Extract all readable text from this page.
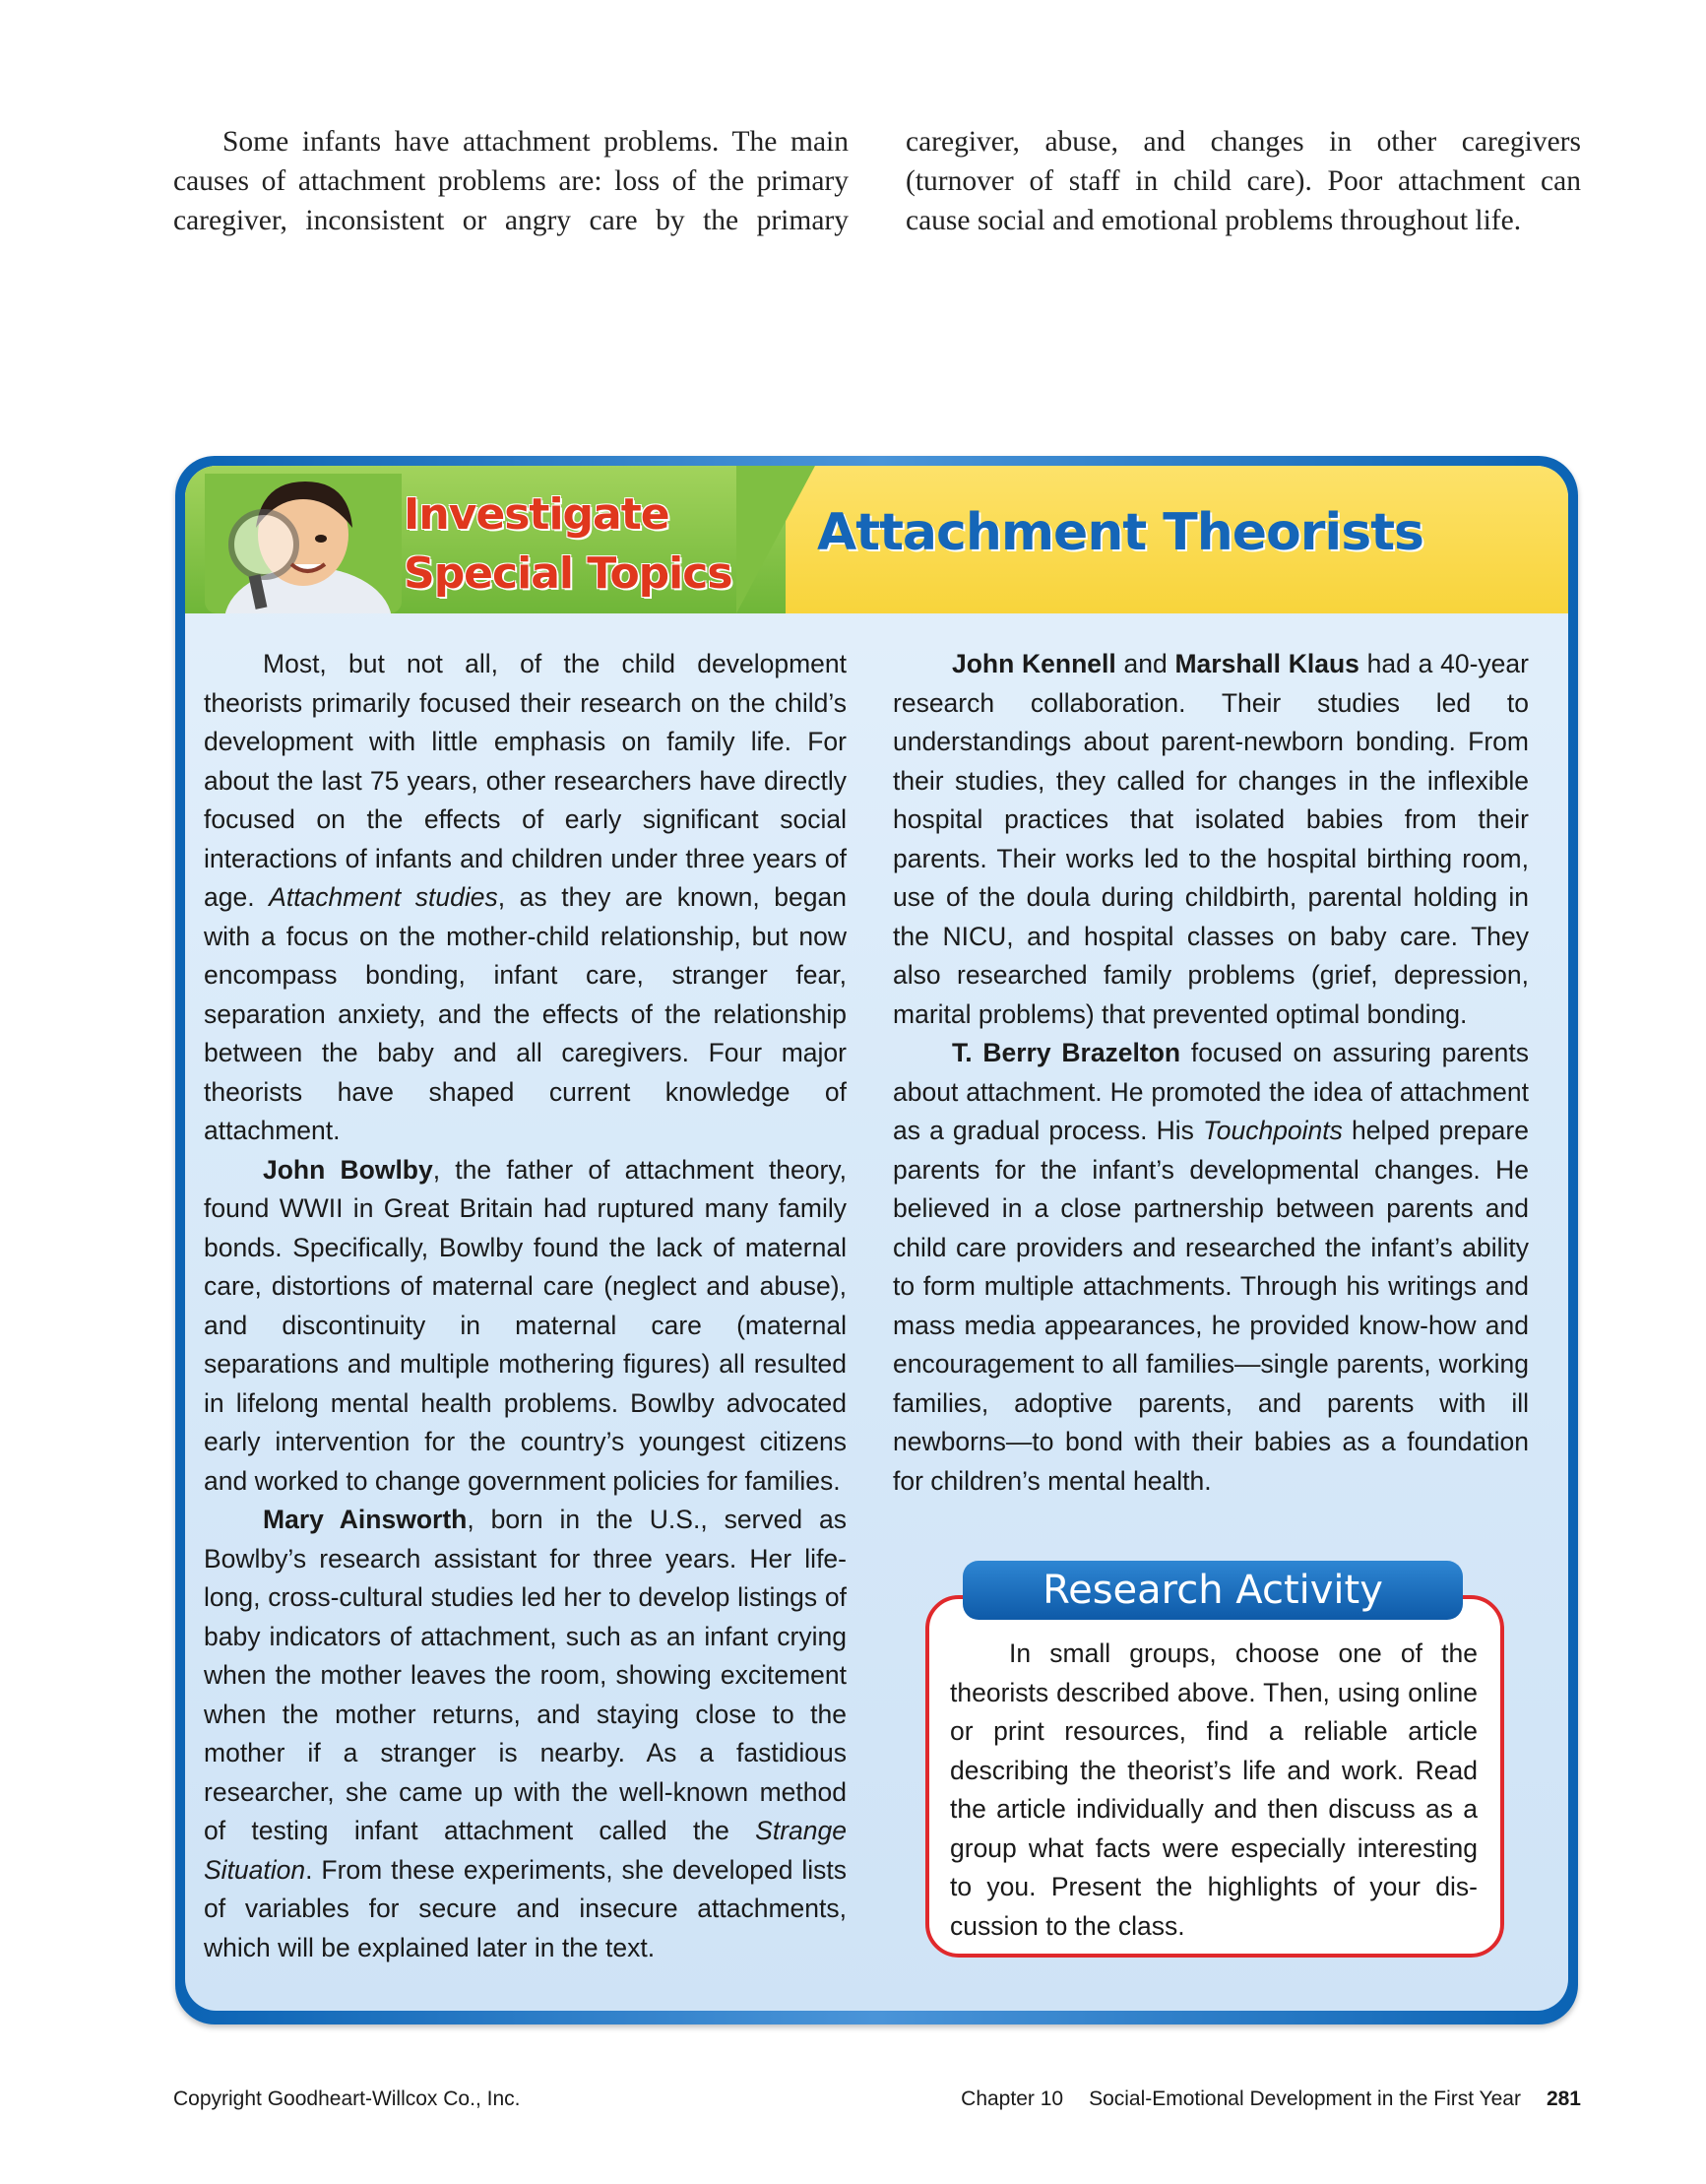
Some infants have attachment problems. The main causes of attachment problems are: loss of the primary caregiver, inconsistent or angry care by the primary caregiver, abuse, and changes in other caregivers (turnover of staff in child care). Poor attachment can cause social and emotional problems throughout life.

Investigate
Special Topics
Attachment Theorists

Most, but not all, of the child development theorists primarily focused their research on the child’s development with little emphasis on family life. For about the last 75 years, other researchers have directly focused on the effects of early significant social interactions of infants and children under three years of age. Attachment studies, as they are known, began with a focus on the mother-child relationship, but now encompass bonding, infant care, stranger fear, separation anxiety, and the effects of the relationship between the baby and all caregivers. Four major theorists have shaped current knowledge of attachment.

John Bowlby, the father of attachment theory, found WWII in Great Britain had ruptured many family bonds. Specifically, Bowlby found the lack of maternal care, distortions of maternal care (neglect and abuse), and discontinuity in maternal care (maternal separations and multiple mothering figures) all resulted in lifelong mental health problems. Bowlby advocated early intervention for the country’s youngest citizens and worked to change government policies for families.

Mary Ainsworth, born in the U.S., served as Bowlby’s research assistant for three years. Her life-long, cross-cultural studies led her to develop listings of baby indicators of attachment, such as an infant crying when the mother leaves the room, showing excitement when the mother returns, and staying close to the mother if a stranger is nearby. As a fastidious researcher, she came up with the well-known method of testing infant attachment called the Strange Situation. From these experiments, she developed lists of variables for secure and insecure attachments, which will be explained later in the text.

John Kennell and Marshall Klaus had a 40-year research collaboration. Their studies led to understandings about parent-newborn bonding. From their studies, they called for changes in the inflexible hospital practices that isolated babies from their parents. Their works led to the hospital birthing room, use of the doula during childbirth, parental holding in the NICU, and hospital classes on baby care. They also researched family problems (grief, depression, marital problems) that prevented optimal bonding.

T. Berry Brazelton focused on assuring parents about attachment. He promoted the idea of attachment as a gradual process. His Touchpoints helped prepare parents for the infant’s developmental changes. He believed in a close partnership between parents and child care providers and researched the infant’s ability to form multiple attachments. Through his writings and mass media appearances, he provided know-how and encouragement to all families—single parents, working families, adoptive parents, and parents with ill newborns—to bond with their babies as a foundation for children’s mental health.

Research Activity

In small groups, choose one of the theorists described above. Then, using online or print resources, find a reliable article describing the theorist’s life and work. Read the article individually and then discuss as a group what facts were especially interesting to you. Present the highlights of your dis-cussion to the class.

Copyright Goodheart-Willcox Co., Inc.	Chapter 10 Social-Emotional Development in the First Year 281
